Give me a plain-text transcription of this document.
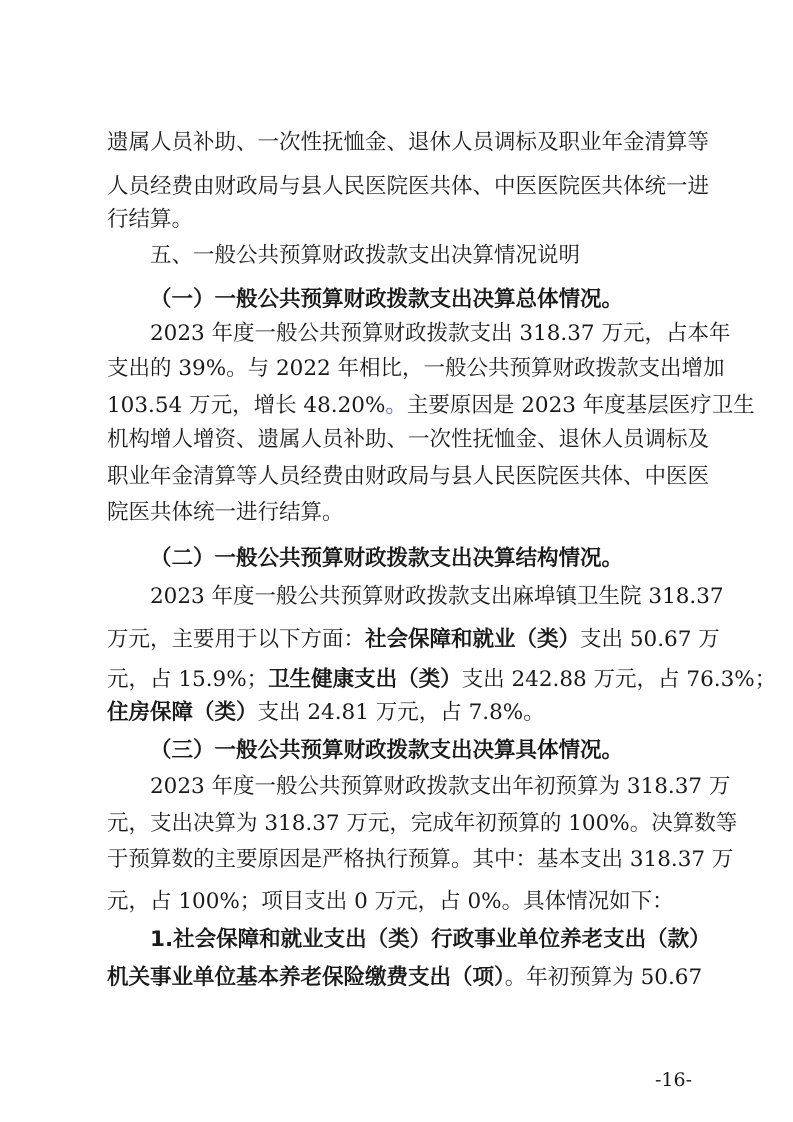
遗属人员补助、一次性抚恤金、退休人员调标及职业年金清算等
人员经费由财政局与县人民医院医共体、中医医院医共体统一进
行结算。
五、一般公共预算财政拨款支出决算情况说明
（一）一般公共预算财政拨款支出决算总体情况。
2023 年度一般公共预算财政拨款支出 318.37 万元，占本年
支出的 39%。与 2022 年相比，一般公共预算财政拨款支出增加
103.54 万元，增长 48.20%。主要原因是 2023 年度基层医疗卫生
机构增人增资、遗属人员补助、一次性抚恤金、退休人员调标及
职业年金清算等人员经费由财政局与县人民医院医共体、中医医
院医共体统一进行结算。
（二）一般公共预算财政拨款支出决算结构情况。
2023 年度一般公共预算财政拨款支出麻埠镇卫生院 318.37
万元，主要用于以下方面：社会保障和就业（类）支出 50.67 万
元，占 15.9%；卫生健康支出（类）支出 242.88 万元，占 76.3%；
住房保障（类）支出 24.81 万元，占 7.8%。
（三）一般公共预算财政拨款支出决算具体情况。
2023 年度一般公共预算财政拨款支出年初预算为 318.37 万
元，支出决算为 318.37 万元，完成年初预算的 100%。决算数等
于预算数的主要原因是严格执行预算。其中：基本支出 318.37 万
元，占 100%；项目支出 0 万元，占 0%。具体情况如下：
1.社会保障和就业支出（类）行政事业单位养老支出（款）
机关事业单位基本养老保险缴费支出（项）。年初预算为 50.67
-16-
